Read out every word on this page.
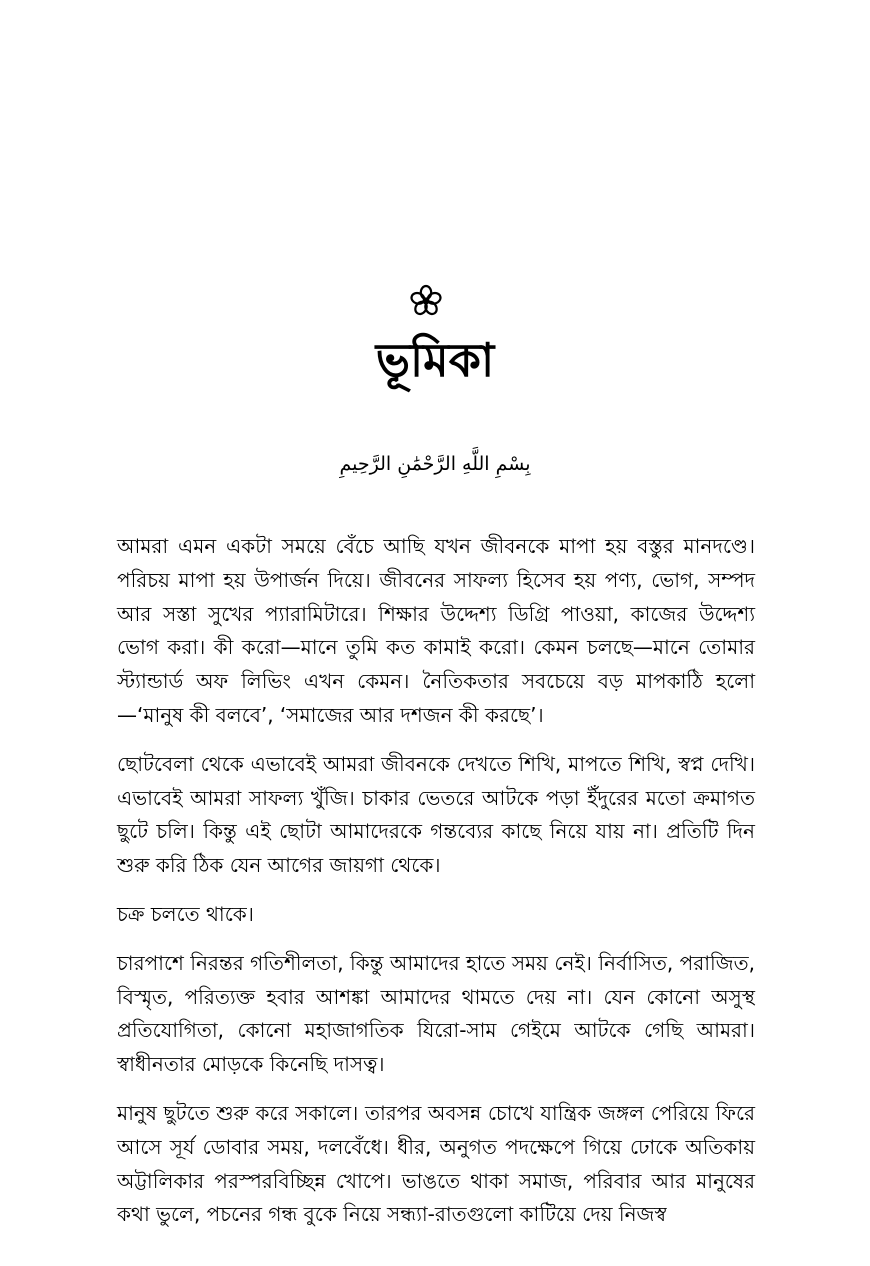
ভূমিকা
بِسْمِ اللَّهِ الرَّحْمَٰنِ الرَّحِيمِ

আমরা এমন একটা সময়ে বেঁচে আছি যখন জীবনকে মাপা হয় বস্তুর মানদণ্ডে। পরিচয় মাপা হয় উপার্জন দিয়ে। জীবনের সাফল্য হিসেব হয় পণ্য, ভোগ, সম্পদ আর সস্তা সুখের প্যারামিটারে। শিক্ষার উদ্দেশ্য ডিগ্রি পাওয়া, কাজের উদ্দেশ্য ভোগ করা। কী করো—মানে তুমি কত কামাই করো। কেমন চলছে—মানে তোমার স্ট্যান্ডার্ড অফ লিভিং এখন কেমন। নৈতিকতার সবচেয়ে বড় মাপকাঠি হলো—‘মানুষ কী বলবে’, ‘সমাজের আর দশজন কী করছে’।

ছোটবেলা থেকে এভাবেই আমরা জীবনকে দেখতে শিখি, মাপতে শিখি, স্বপ্ন দেখি। এভাবেই আমরা সাফল্য খুঁজি। চাকার ভেতরে আটকে পড়া ইঁদুরের মতো ক্রমাগত ছুটে চলি। কিন্তু এই ছোটা আমাদেরকে গন্তব্যের কাছে নিয়ে যায় না। প্রতিটি দিন শুরু করি ঠিক যেন আগের জায়গা থেকে।

চক্র চলতে থাকে।

চারপাশে নিরন্তর গতিশীলতা, কিন্তু আমাদের হাতে সময় নেই। নির্বাসিত, পরাজিত, বিস্মৃত, পরিত্যক্ত হবার আশঙ্কা আমাদের থামতে দেয় না। যেন কোনো অসুস্থ প্রতিযোগিতা, কোনো মহাজাগতিক যিরো-সাম গেইমে আটকে গেছি আমরা। স্বাধীনতার মোড়কে কিনেছি দাসত্ব।

মানুষ ছুটতে শুরু করে সকালে। তারপর অবসন্ন চোখে যান্ত্রিক জঙ্গল পেরিয়ে ফিরে আসে সূর্য ডোবার সময়, দলবেঁধে। ধীর, অনুগত পদক্ষেপে গিয়ে ঢোকে অতিকায় অট্টালিকার পরস্পরবিচ্ছিন্ন খোপে। ভাঙতে থাকা সমাজ, পরিবার আর মানুষের কথা ভুলে, পচনের গন্ধ বুকে নিয়ে সন্ধ্যা-রাতগুলো কাটিয়ে দেয় নিজস্ব
